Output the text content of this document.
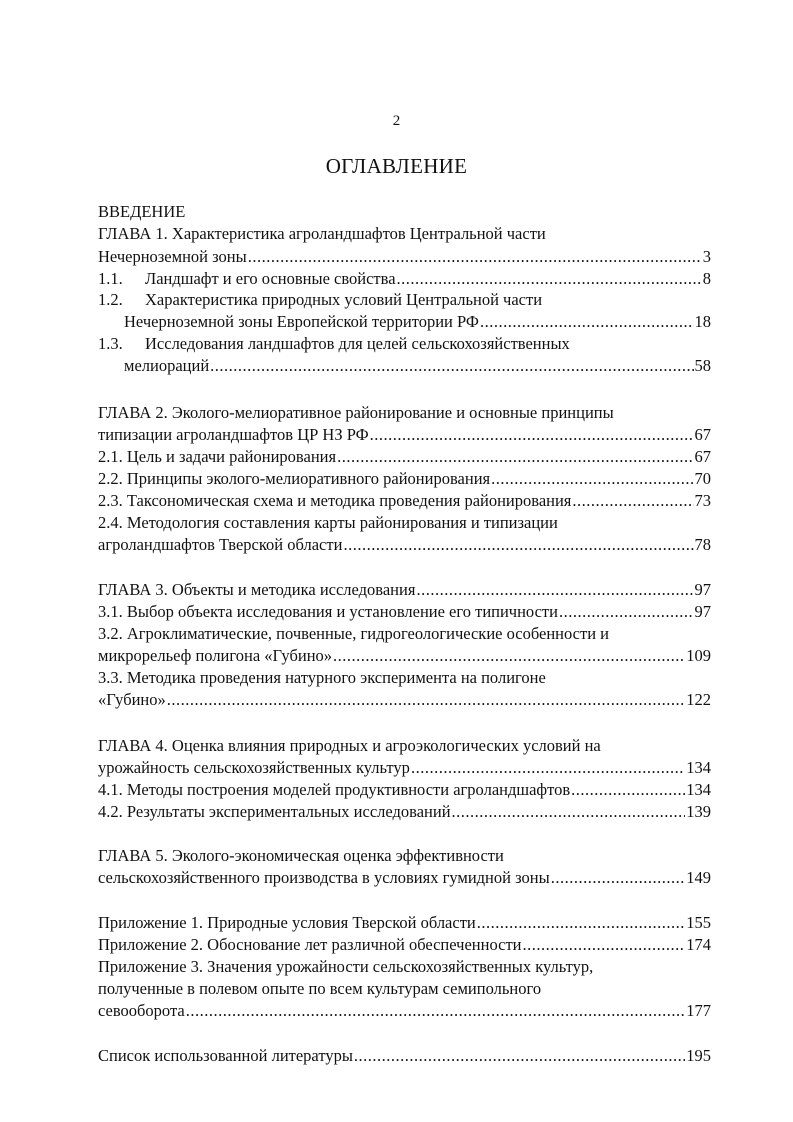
2
ОГЛАВЛЕНИЕ
ВВЕДЕНИЕ
ГЛАВА 1. Характеристика агроландшафтов Центральной части
Нечерноземной зоны .....	3
1.1. Ландшафт и его основные свойства .....	8
1.2. Характеристика природных условий Центральной части
Нечерноземной зоны Европейской территории РФ .....	18
1.3. Исследования ландшафтов для целей сельскохозяйственных
мелиораций .....	58
ГЛАВА 2. Эколого-мелиоративное районирование и основные принципы
типизации агроландшафтов ЦР НЗ РФ .....	67
2.1. Цель и задачи районирования .....	67
2.2. Принципы эколого-мелиоративного районирования .....	70
2.3. Таксономическая схема и методика проведения районирования .....	73
2.4. Методология составления карты районирования и типизации
агроландшафтов Тверской области .....	78
ГЛАВА 3. Объекты и методика исследования .....	97
3.1. Выбор объекта исследования и установление его типичности .....	97
3.2. Агроклиматические, почвенные, гидрогеологические особенности и
микрорельеф полигона «Губино» .....	109
3.3. Методика проведения натурного эксперимента на полигоне
«Губино» .....	122
ГЛАВА 4. Оценка влияния природных и агроэкологических условий на
урожайность сельскохозяйственных культур .....	134
4.1. Методы построения моделей продуктивности агроландшафтов .....	134
4.2. Результаты экспериментальных исследований .....	139
ГЛАВА 5. Эколого-экономическая оценка эффективности
сельскохозяйственного производства в условиях гумидной зоны .....	149
Приложение 1. Природные условия Тверской области .....	155
Приложение 2. Обоснование лет различной обеспеченности .....	174
Приложение 3. Значения урожайности сельскохозяйственных культур,
полученные в полевом опыте по всем культурам семипольного
севооборота .....	177
Список использованной литературы .....	195
